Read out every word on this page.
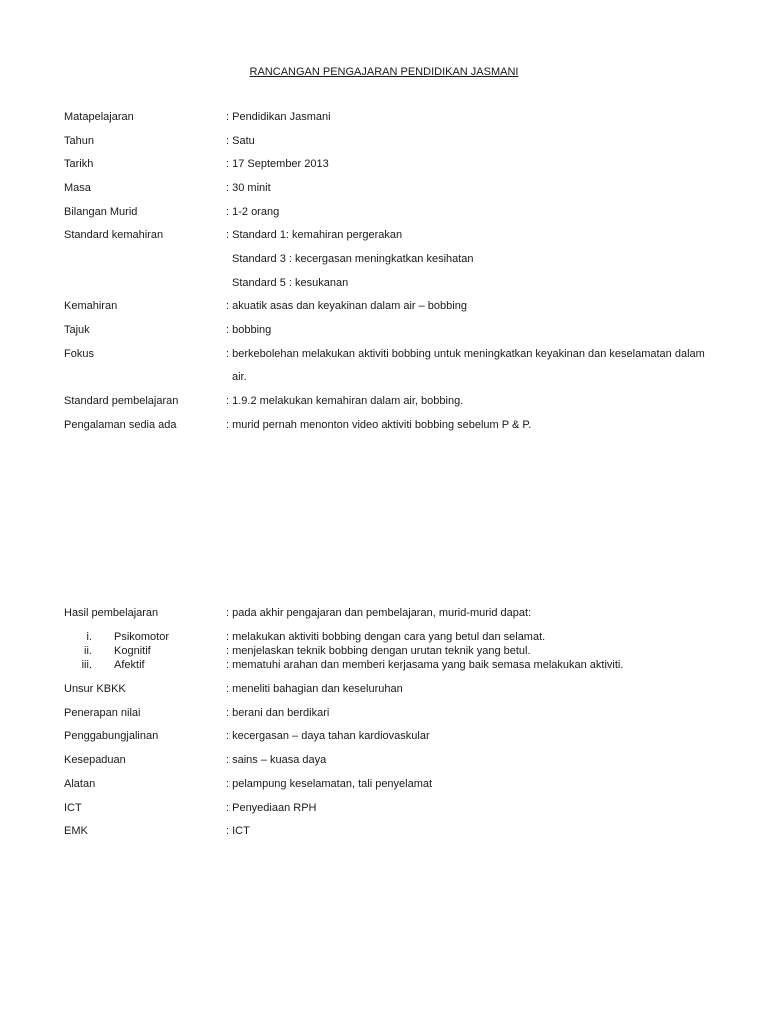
RANCANGAN PENGAJARAN PENDIDIKAN JASMANI
Matapelajaran	: Pendidikan Jasmani
Tahun	: Satu
Tarikh	: 17 September 2013
Masa	: 30 minit
Bilangan Murid	: 1-2 orang
Standard kemahiran	: Standard 1: kemahiran pergerakan
Standard 3 : kecergasan meningkatkan kesihatan
Standard 5 : kesukanan
Kemahiran	: akuatik asas dan keyakinan dalam air – bobbing
Tajuk	: bobbing
Fokus	: berkebolehan melakukan aktiviti bobbing untuk meningkatkan keyakinan dan keselamatan dalam
air.
Standard pembelajaran	: 1.9.2 melakukan kemahiran dalam air, bobbing.
Pengalaman sedia ada	: murid pernah menonton video aktiviti bobbing sebelum P & P.
Hasil pembelajaran	: pada akhir pengajaran dan pembelajaran, murid-murid dapat:
i. Psikomotor	: melakukan aktiviti bobbing dengan cara yang betul dan selamat.
ii. Kognitif	: menjelaskan teknik bobbing dengan urutan teknik yang betul.
iii. Afektif	: mematuhi arahan dan memberi kerjasama yang baik semasa melakukan aktiviti.
Unsur KBKK	: meneliti bahagian dan keseluruhan
Penerapan nilai	: berani dan berdikari
Penggabungjalinan	: kecergasan – daya tahan kardiovaskular
Kesepaduan	: sains – kuasa daya
Alatan	: pelampung keselamatan, tali penyelamat
ICT	: Penyediaan RPH
EMK	: ICT
